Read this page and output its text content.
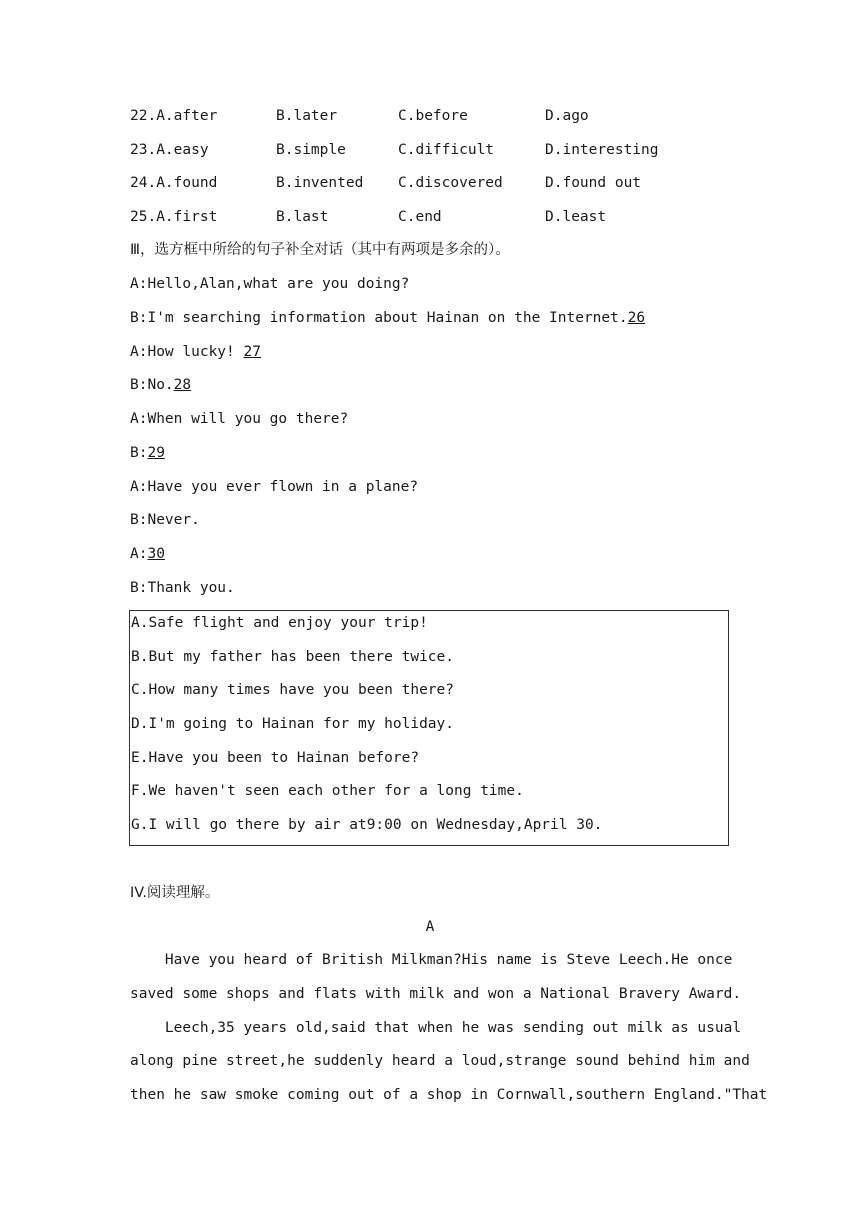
22.A.after	B.later	C.before	D.ago
23.A.easy	B.simple	C.difficult	D.interesting
24.A.found	B.invented C.discovered	D.found out
25.A.first	B.last	C.end	D.least
Ⅲ，选方框中所给的句子补全对话（其中有两项是多余的）。
A:Hello,Alan,what are you doing?
B:I'm searching information about Hainan on the Internet.26
A:How lucky! 27
B:No.28
A:When will you go there?
B:29
A:Have you ever flown in a plane?
B:Never.
A:30
B:Thank you.
A.Safe flight and enjoy your trip!
B.But my father has been there twice.
C.How many times have you been there?
D.I'm going to Hainan for my holiday.
E.Have you been to Hainan before?
F.We haven't seen each other for a long time.
G.I will go there by air at9:00 on Wednesday,April 30.
IV.阅读理解。
A
Have you heard of British Milkman?His name is Steve Leech.He once
saved some shops and flats with milk and won a National Bravery Award.
Leech,35 years old,said that when he was sending out milk as usual
along pine street,he suddenly heard a loud,strange sound behind him and
then he saw smoke coming out of a shop in Cornwall,southern England."That
